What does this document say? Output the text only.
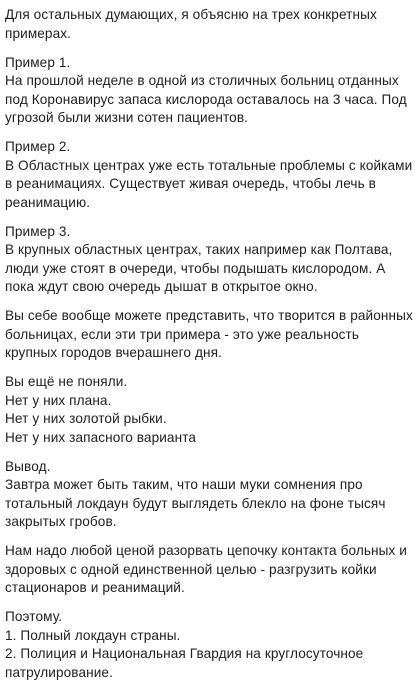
Для остальных думающих, я объясню на трех конкретных
примерах.

Пример 1.
На прошлой неделе в одной из столичных больниц отданных
под Коронавирус запаса кислорода оставалось на 3 часа. Под
угрозой были жизни сотен пациентов.

Пример 2.
В Областных центрах уже есть тотальные проблемы с койками
в реанимациях. Существует живая очередь, чтобы лечь в
реанимацию.

Пример 3.
В крупных областных центрах, таких например как Полтава,
люди уже стоят в очереди, чтобы подышать кислородом. А
пока ждут свою очередь дышат в открытое окно.

Вы себе вообще можете представить, что творится в районных
больницах, если эти три примера - это уже реальность
крупных городов вчерашнего дня.

Вы ещё не поняли.
Нет у них плана.
Нет у них золотой рыбки.
Нет у них запасного варианта

Вывод.
Завтра может быть таким, что наши муки сомнения про
тотальный локдаун будут выглядеть блекло на фоне тысяч
закрытых гробов.

Нам надо любой ценой разорвать цепочку контакта больных и
здоровых с одной единственной целью - разгрузить койки
стационаров и реанимаций.

Поэтому.
1. Полный локдаун страны.
2. Полиция и Национальная Гвардия на круглосуточное
патрулирование.
